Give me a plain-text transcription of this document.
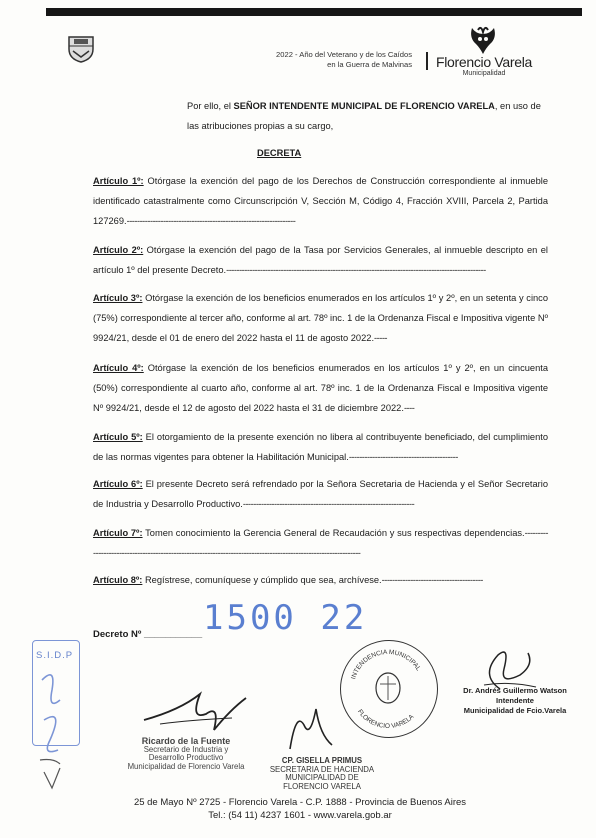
2022 - Año del Veterano y de los Caídos
en la Guerra de Malvinas	Florencio Varela
Municipalidad
Por ello, el SEÑOR INTENDENTE MUNICIPAL DE FLORENCIO VARELA, en uso de las atribuciones propias a su cargo,
DECRETA
Artículo 1º: Otórgase la exención del pago de los Derechos de Construcción correspondiente al inmueble identificado catastralmente como Circunscripción V, Sección M, Código 4, Fracción XVIII, Parcela 2, Partida 127269.-----------------------------------------------------------------
Artículo 2º: Otórgase la exención del pago de la Tasa por Servicios Generales, al inmueble descripto en el artículo 1º del presente Decreto.----------------------------------------------------------------------------------------------------
Artículo 3º: Otórgase la exención de los beneficios enumerados en los artículos 1º y 2º, en un setenta y cinco (75%) correspondiente al tercer año, conforme al art. 78º inc. 1 de la Ordenanza Fiscal e Impositiva vigente Nº 9924/21, desde el 01 de enero del 2022 hasta el 11 de agosto 2022.-----
Artículo 4º: Otórgase la exención de los beneficios enumerados en los artículos 1º y 2º, en un cincuenta (50%) correspondiente al cuarto año, conforme al art. 78º inc. 1 de la Ordenanza Fiscal e Impositiva vigente Nº 9924/21, desde el 12 de agosto del 2022 hasta el 31 de diciembre 2022.----
Artículo 5º: El otorgamiento de la presente exención no libera al contribuyente beneficiado, del cumplimiento de las normas vigentes para obtener la Habilitación Municipal.------------------------------------------
Artículo 6º: El presente Decreto será refrendado por la Señora Secretaria de Hacienda y el Señor Secretario de Industria y Desarrollo Productivo.------------------------------------------------------------------
Artículo 7º: Tomen conocimiento la Gerencia General de Recaudación y sus respectivas dependencias.----------------------------------------------------------------------------------------------------------------
Artículo 8º: Regístrese, comuníquese y cúmplido que sea, archívese.---------------------------------------
1500 22
Decreto Nº ___________
S.I.D.P
Ricardo de la Fuente
Secretario de Industria y
Desarrollo Productivo
Municipalidad de Florencio Varela
CP. GISELLA PRIMUS
SECRETARIA DE HACIENDA
MUNICIPALIDAD DE FLORENCIO VARELA
INTENDENCIA MUNICIPAL
FLORENCIO VARELA
Dr. Andrés Guillermo Watson
Intendente
Municipalidad de Fcio.Varela
25 de Mayo Nº 2725 - Florencio Varela - C.P. 1888 - Provincia de Buenos Aires
Tel.: (54 11) 4237 1601 - www.varela.gob.ar
